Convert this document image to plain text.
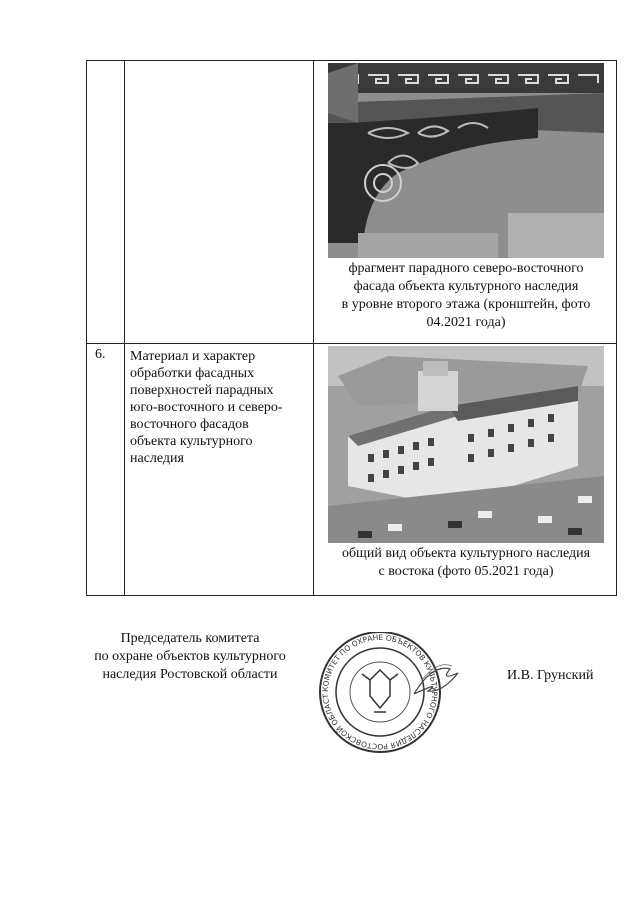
фрагмент парадного северо-восточного
фасада объекта культурного наследия
в уровне второго этажа (кронштейн, фото
04.2021 года)
6. Материал и характер
обработки фасадных
поверхностей парадных
юго-восточного и северо-
восточного фасадов
объекта культурного
наследия
общий вид объекта культурного наследия
с востока (фото 05.2021 года)
Председатель комитета
по охране объектов культурного
наследия Ростовской области
КОМИТЕТ ПО ОХРАНЕ ОБЪЕКТОВ КУЛЬТУРНОГО НАСЛЕДИЯ РОСТОВСКОЙ ОБЛАСТ
И.В. Грунский
